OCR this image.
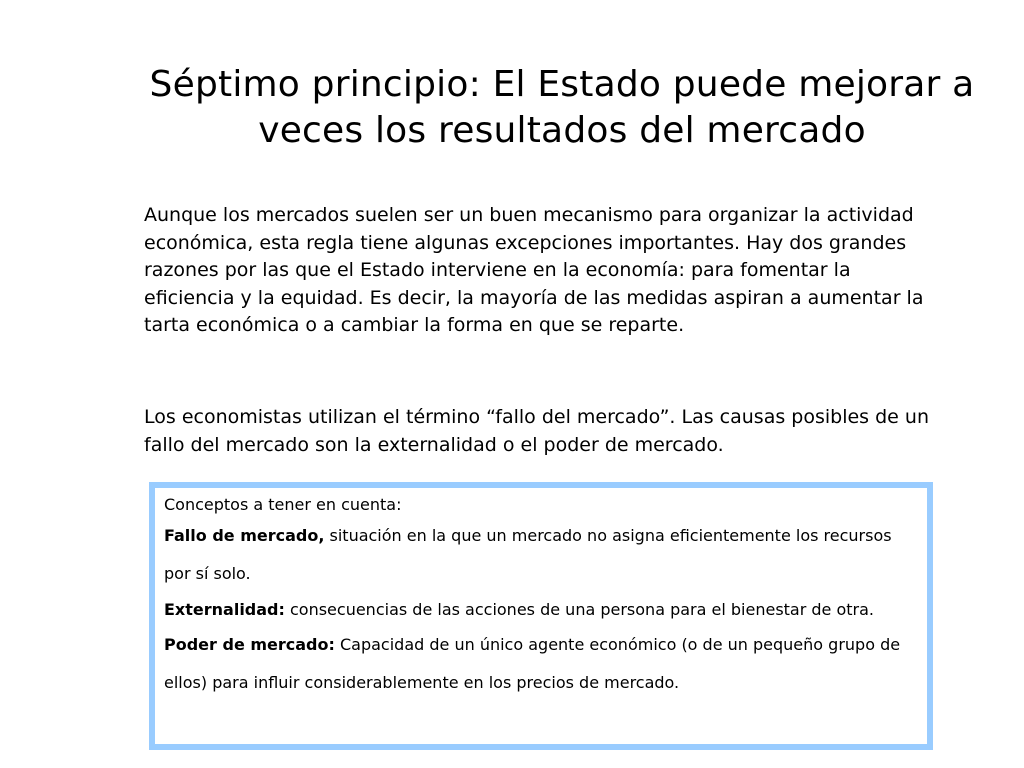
Séptimo principio: El Estado puede mejorar a
veces los resultados del mercado

Aunque los mercados suelen ser un buen mecanismo para organizar la actividad económica, esta regla tiene algunas excepciones importantes. Hay dos grandes razones por las que el Estado interviene en la economía: para fomentar la eficiencia y la equidad. Es decir, la mayoría de las medidas aspiran a aumentar la tarta económica o a cambiar la forma en que se reparte.

Los economistas utilizan el término “fallo del mercado”. Las causas posibles de un fallo del mercado son la externalidad o el poder de mercado.

Conceptos a tener en cuenta:

Fallo de mercado, situación en la que un mercado no asigna eficientemente los recursos por sí solo.

Externalidad: consecuencias de las acciones de una persona para el bienestar de otra.

Poder de mercado: Capacidad de un único agente económico (o de un pequeño grupo de ellos) para influir considerablemente en los precios de mercado.
